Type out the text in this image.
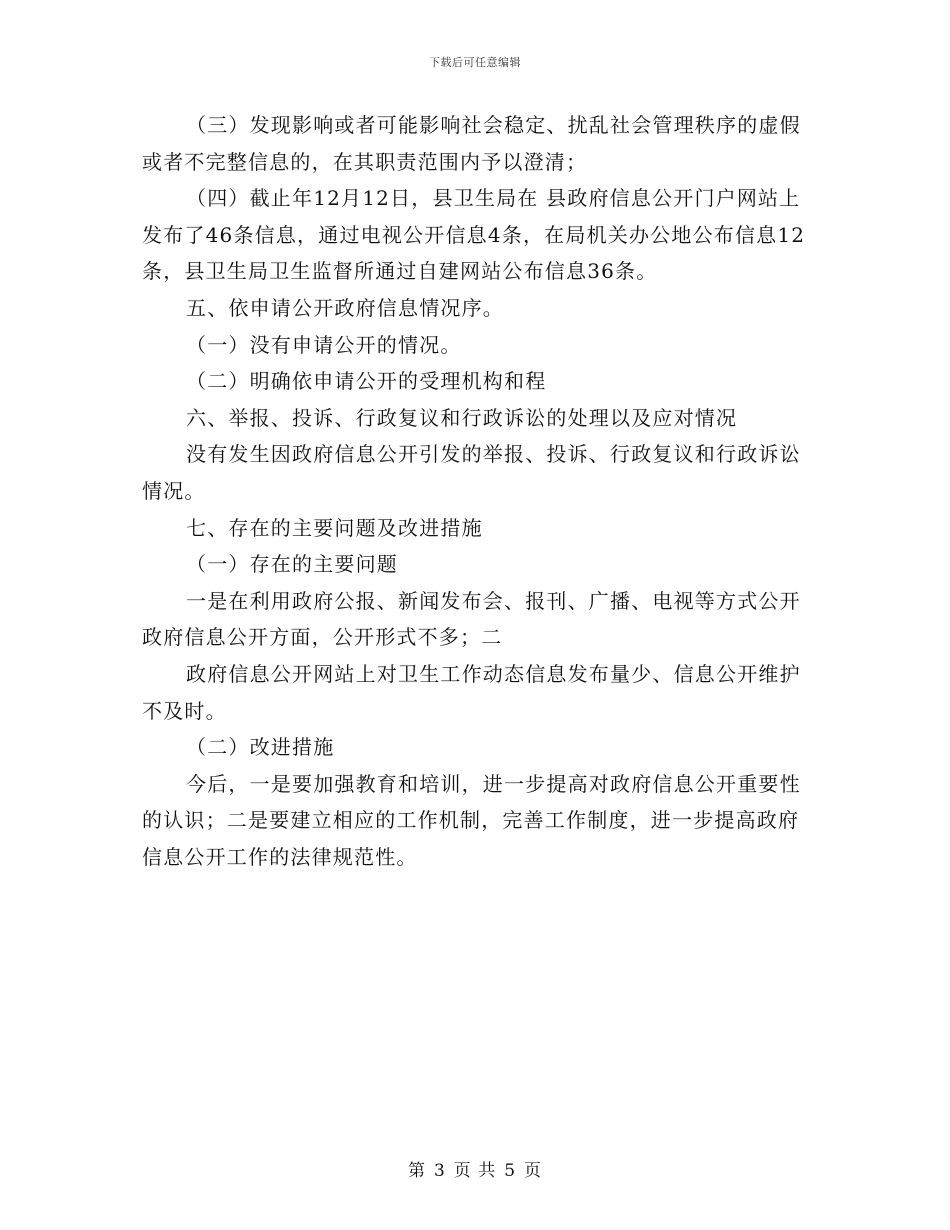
下载后可任意编辑

（三）发现影响或者可能影响社会稳定、扰乱社会管理秩序的虚假或者不完整信息的，在其职责范围内予以澄清；

（四）截止年12月12日，县卫生局在 县政府信息公开门户网站上发布了46条信息，通过电视公开信息4条，在局机关办公地公布信息12条，县卫生局卫生监督所通过自建网站公布信息36条。

五、依申请公开政府信息情况序。

（一）没有申请公开的情况。

（二）明确依申请公开的受理机构和程

六、举报、投诉、行政复议和行政诉讼的处理以及应对情况

没有发生因政府信息公开引发的举报、投诉、行政复议和行政诉讼情况。

七、存在的主要问题及改进措施

（一）存在的主要问题

一是在利用政府公报、新闻发布会、报刊、广播、电视等方式公开政府信息公开方面，公开形式不多；二

政府信息公开网站上对卫生工作动态信息发布量少、信息公开维护不及时。

（二）改进措施

今后，一是要加强教育和培训，进一步提高对政府信息公开重要性的认识；二是要建立相应的工作机制，完善工作制度，进一步提高政府信息公开工作的法律规范性。

第 3 页 共 5 页
